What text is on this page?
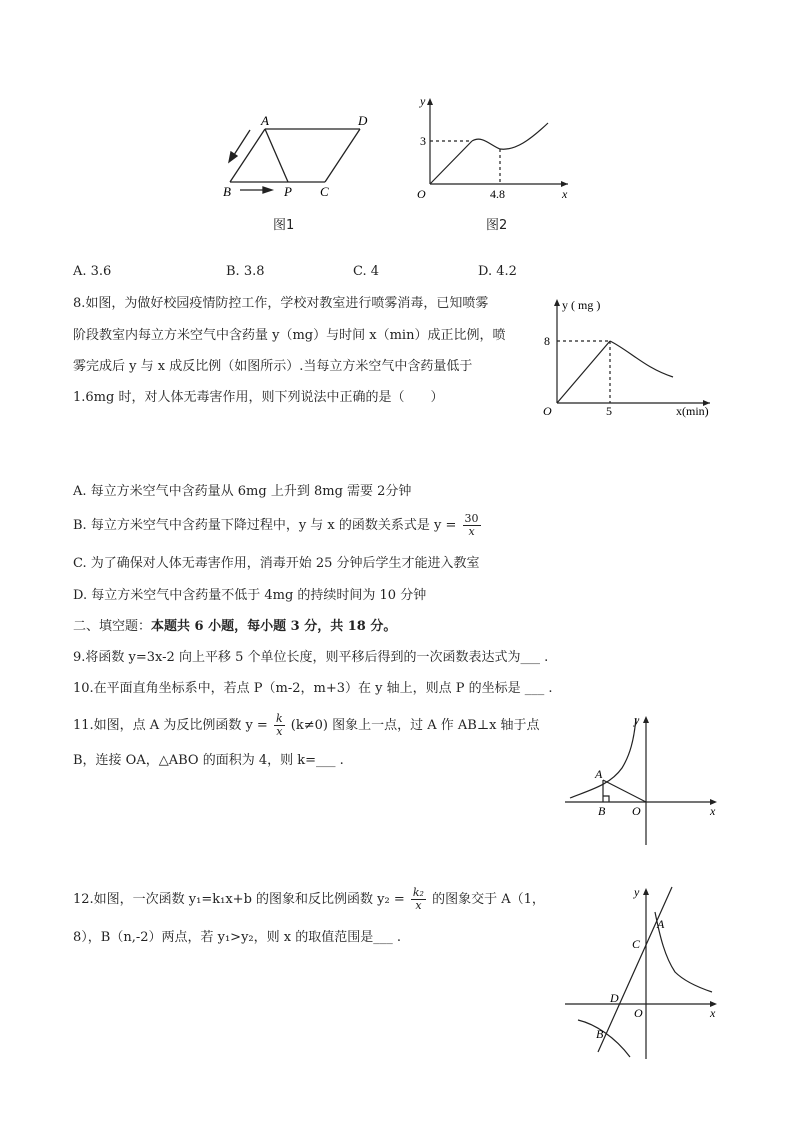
A	D
B	P C
图1
y
3
O	4.8	x
图2
A. 3.6	B. 3.8	C. 4	D. 4.2
8.如图，为做好校园疫情防控工作，学校对教室进行喷雾消毒，已知喷雾
阶段教室内每立方米空气中含药量 y（mg）与时间 x（min）成正比例，喷
雾完成后 y 与 x 成反比例（如图所示）.当每立方米空气中含药量低于
1.6mg 时，对人体无毒害作用，则下列说法中正确的是（　　）
y ( mg )
8
O	5	x(min)
A. 每立方米空气中含药量从 6mg 上升到 8mg 需要 2分钟
B. 每立方米空气中含药量下降过程中，y 与 x 的函数关系式是 $y = \frac{30}{x}$
C. 为了确保对人体无毒害作用，消毒开始 25 分钟后学生才能进入教室
D. 每立方米空气中含药量不低于 4mg 的持续时间为 10 分钟
二、填空题：本题共 6 小题，每小题 3 分，共 18 分。
9.将函数 y=3x-2 向上平移 5 个单位长度，则平移后得到的一次函数表达式为___ .
10.在平面直角坐标系中，若点 P（m-2，m+3）在 y 轴上，则点 P 的坐标是 ___ .
11.如图，点 A 为反比例函数 $y = \frac{k}{x} (k\ne 0)$ 图象上一点，过 A 作 AB⊥x 轴于点
B，连接 OA，△ABO 的面积为 4，则 k=___ .
y
A
B O	x
12.如图，一次函数 y₁=k₁x+b 的图象和反比例函数 $y_2 = \frac{\text{k₂}}{x}$ 的图象交于 A（1，
8），B（n,-2）两点，若 y₁>y₂，则 x 的取值范围是___ .
y
A
C
D
O	x
B
